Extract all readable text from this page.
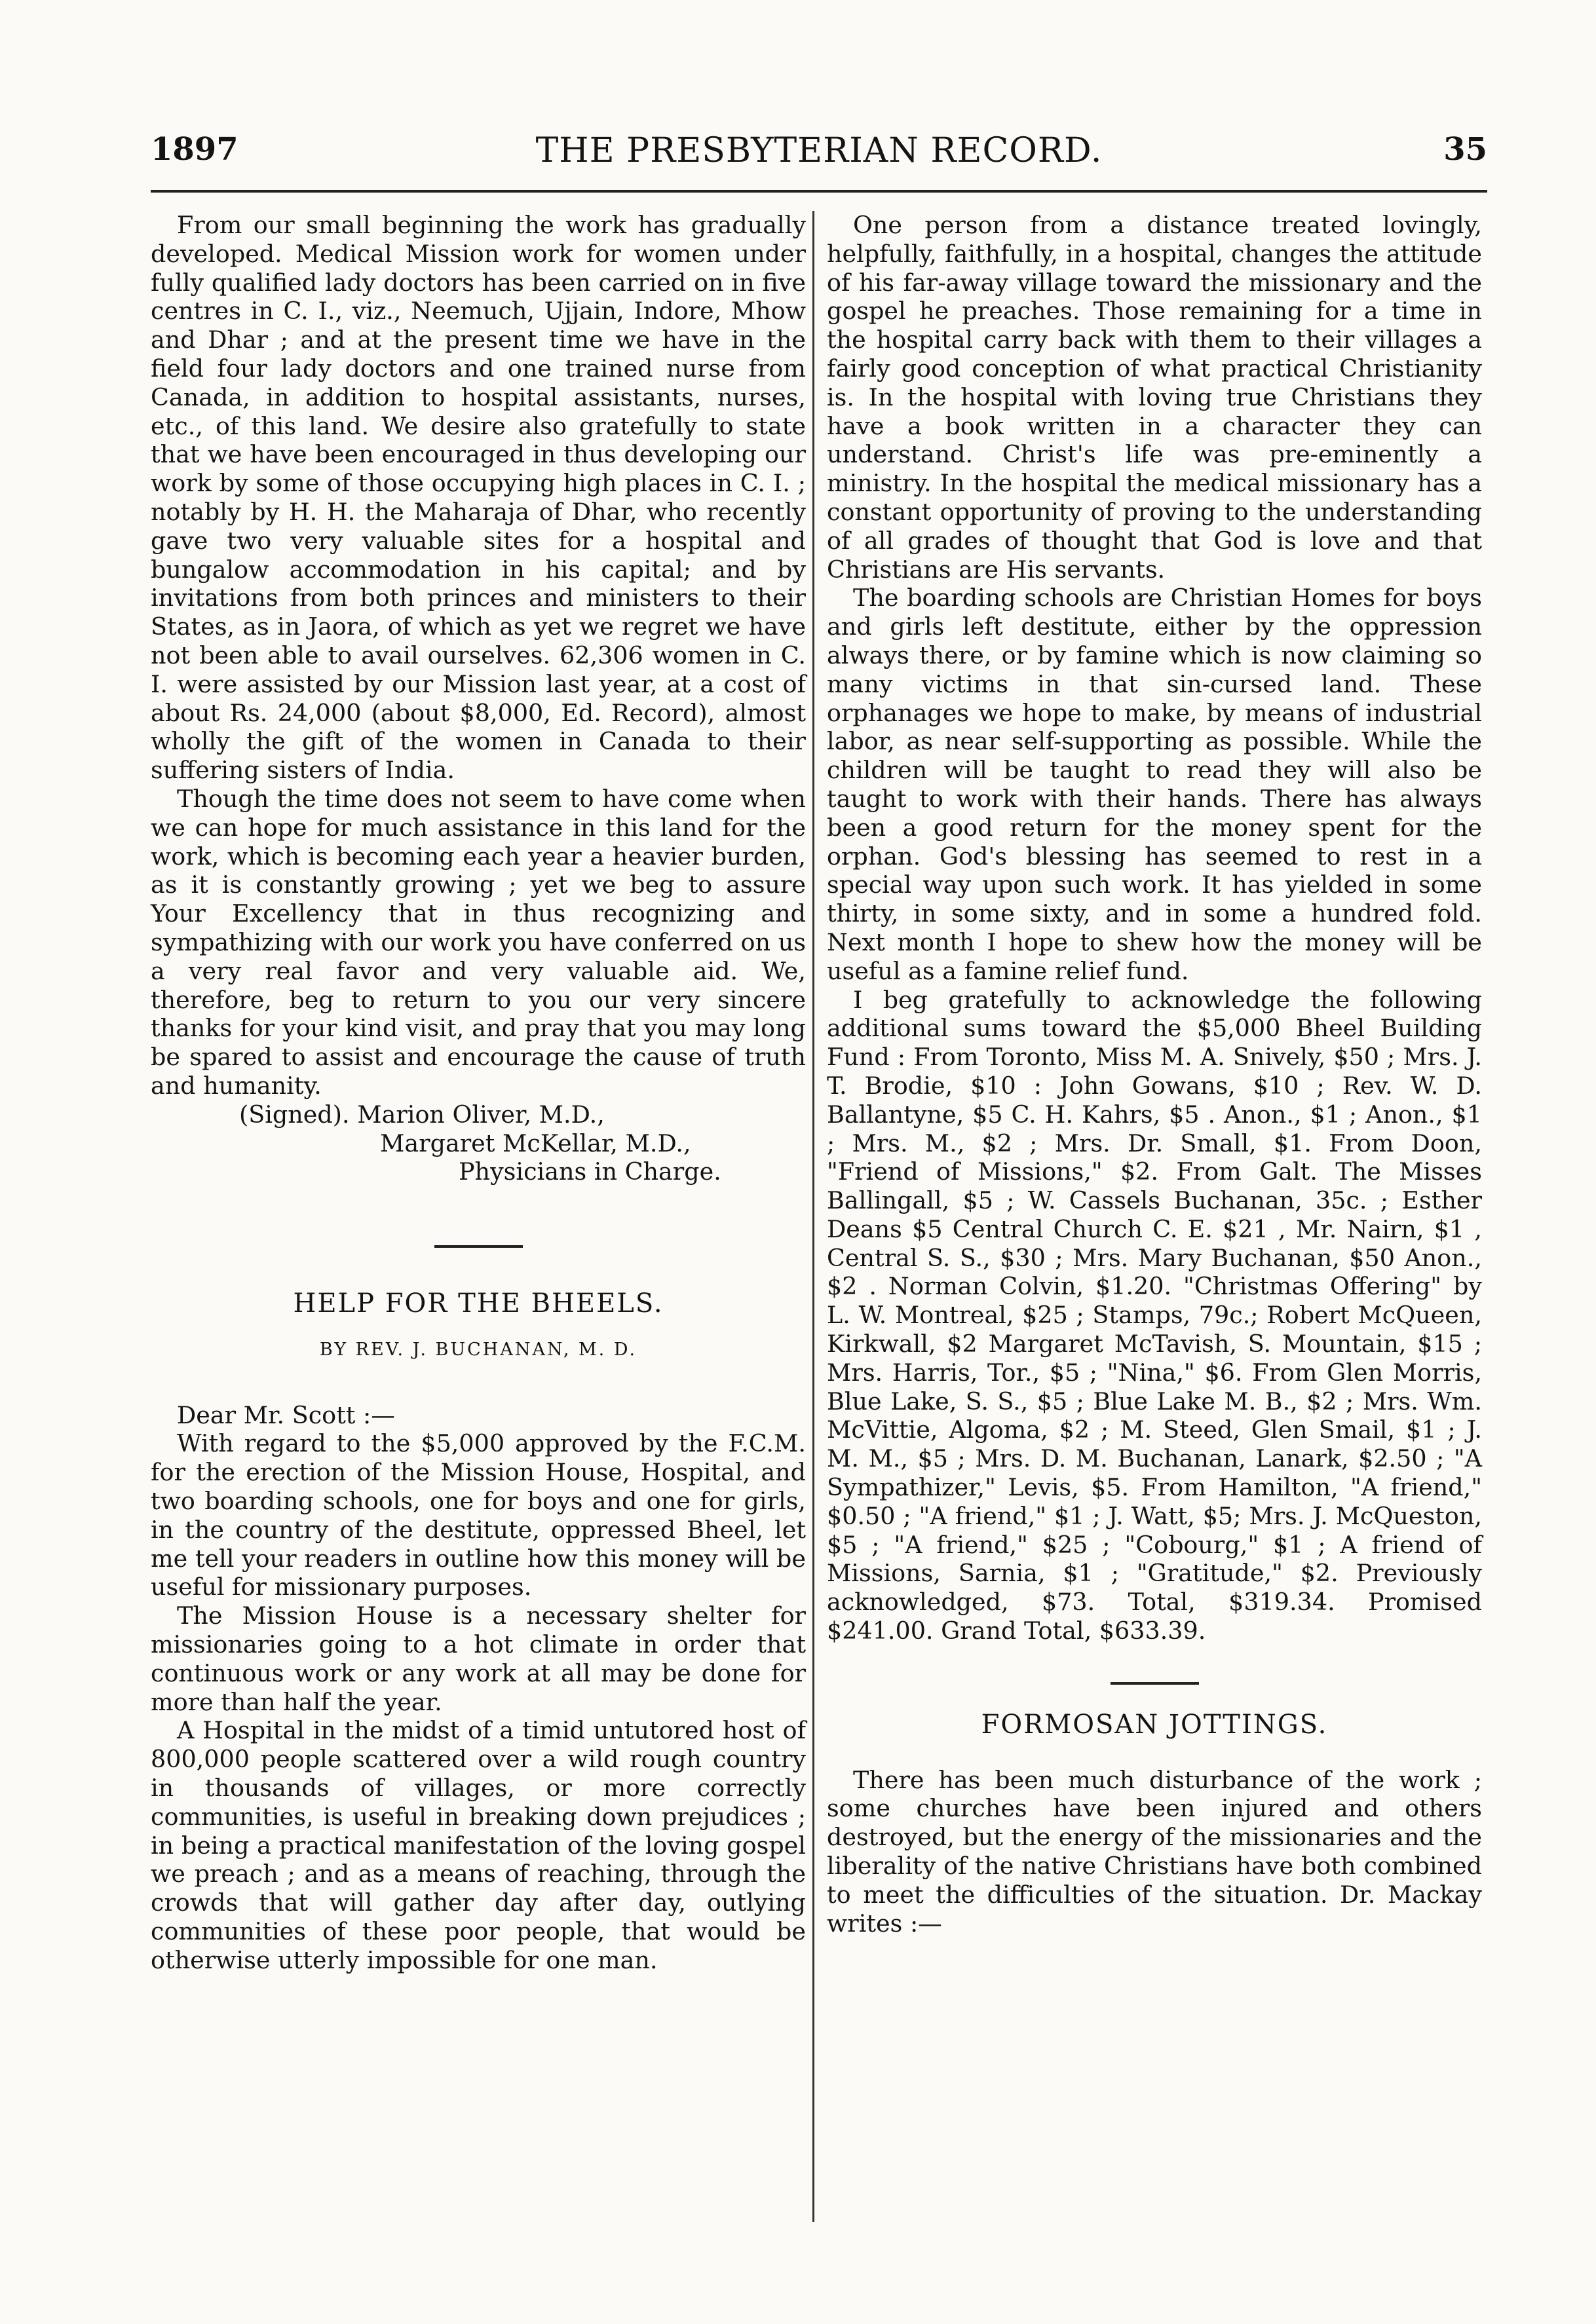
1897	THE PRESBYTERIAN RECORD.	35

From our small beginning the work has gradually developed. Medical Mission work for women under fully qualified lady doctors has been carried on in five centres in C. I., viz., Neemuch, Ujjain, Indore, Mhow and Dhar ; and at the present time we have in the field four lady doctors and one trained nurse from Canada, in addition to hospital assistants, nurses, etc., of this land. We desire also gratefully to state that we have been encouraged in thus developing our work by some of those occupying high places in C. I. ; notably by H. H. the Maharaja of Dhar, who recently gave two very valuable sites for a hospital and bungalow accommodation in his capital; and by invitations from both princes and ministers to their States, as in Jaora, of which as yet we regret we have not been able to avail ourselves. 62,306 women in C. I. were assisted by our Mission last year, at a cost of about Rs. 24,000 (about $8,000, Ed. Record), almost wholly the gift of the women in Canada to their suffering sisters of India.

Though the time does not seem to have come when we can hope for much assistance in this land for the work, which is becoming each year a heavier burden, as it is constantly growing ; yet we beg to assure Your Excellency that in thus recognizing and sympathizing with our work you have conferred on us a very real favor and very valuable aid. We, therefore, beg to return to you our very sincere thanks for your kind visit, and pray that you may long be spared to assist and encourage the cause of truth and humanity.

(Signed). Marion Oliver, M.D.,
Margaret McKellar, M.D.,
Physicians in Charge.
HELP FOR THE BHEELS.
BY REV. J. BUCHANAN, M. D.

Dear Mr. Scott :—

With regard to the $5,000 approved by the F.C.M. for the erection of the Mission House, Hospital, and two boarding schools, one for boys and one for girls, in the country of the destitute, oppressed Bheel, let me tell your readers in outline how this money will be useful for missionary purposes.

The Mission House is a necessary shelter for missionaries going to a hot climate in order that continuous work or any work at all may be done for more than half the year.

A Hospital in the midst of a timid untutored host of 800,000 people scattered over a wild rough country in thousands of villages, or more correctly communities, is useful in breaking down prejudices ; in being a practical manifestation of the loving gospel we preach ; and as a means of reaching, through the crowds that will gather day after day, outlying communities of these poor people, that would be otherwise utterly impossible for one man.

One person from a distance treated lovingly, helpfully, faithfully, in a hospital, changes the attitude of his far-away village toward the missionary and the gospel he preaches. Those remaining for a time in the hospital carry back with them to their villages a fairly good conception of what practical Christianity is. In the hospital with loving true Christians they have a book written in a character they can understand. Christ's life was pre-eminently a ministry. In the hospital the medical missionary has a constant opportunity of proving to the understanding of all grades of thought that God is love and that Christians are His servants.

The boarding schools are Christian Homes for boys and girls left destitute, either by the oppression always there, or by famine which is now claiming so many victims in that sin-cursed land. These orphanages we hope to make, by means of industrial labor, as near self-supporting as possible. While the children will be taught to read they will also be taught to work with their hands. There has always been a good return for the money spent for the orphan. God's blessing has seemed to rest in a special way upon such work. It has yielded in some thirty, in some sixty, and in some a hundred fold. Next month I hope to shew how the money will be useful as a famine relief fund.

I beg gratefully to acknowledge the following additional sums toward the $5,000 Bheel Building Fund : From Toronto, Miss M. A. Snively, $50 ; Mrs. J. T. Brodie, $10 : John Gowans, $10 ; Rev. W. D. Ballantyne, $5 C. H. Kahrs, $5 . Anon., $1 ; Anon., $1 ; Mrs. M., $2 ; Mrs. Dr. Small, $1. From Doon, "Friend of Missions," $2. From Galt. The Misses Ballingall, $5 ; W. Cassels Buchanan, 35c. ; Esther Deans $5 Central Church C. E. $21 , Mr. Nairn, $1 , Central S. S., $30 ; Mrs. Mary Buchanan, $50 Anon., $2 . Norman Colvin, $1.20. "Christmas Offering" by L. W. Montreal, $25 ; Stamps, 79c.; Robert McQueen, Kirkwall, $2 Margaret McTavish, S. Mountain, $15 ; Mrs. Harris, Tor., $5 ; "Nina," $6. From Glen Morris, Blue Lake, S. S., $5 ; Blue Lake M. B., $2 ; Mrs. Wm. McVittie, Algoma, $2 ; M. Steed, Glen Smail, $1 ; J. M. M., $5 ; Mrs. D. M. Buchanan, Lanark, $2.50 ; "A Sympathizer," Levis, $5. From Hamilton, "A friend," $0.50 ; "A friend," $1 ; J. Watt, $5; Mrs. J. McQueston, $5 ; "A friend," $25 ; "Cobourg," $1 ; A friend of Missions, Sarnia, $1 ; "Gratitude," $2. Previously acknowledged, $73. Total, $319.34. Promised $241.00. Grand Total, $633.39.

FORMOSAN JOTTINGS.

There has been much disturbance of the work ; some churches have been injured and others destroyed, but the energy of the missionaries and the liberality of the native Christians have both combined to meet the difficulties of the situation. Dr. Mackay writes :—
